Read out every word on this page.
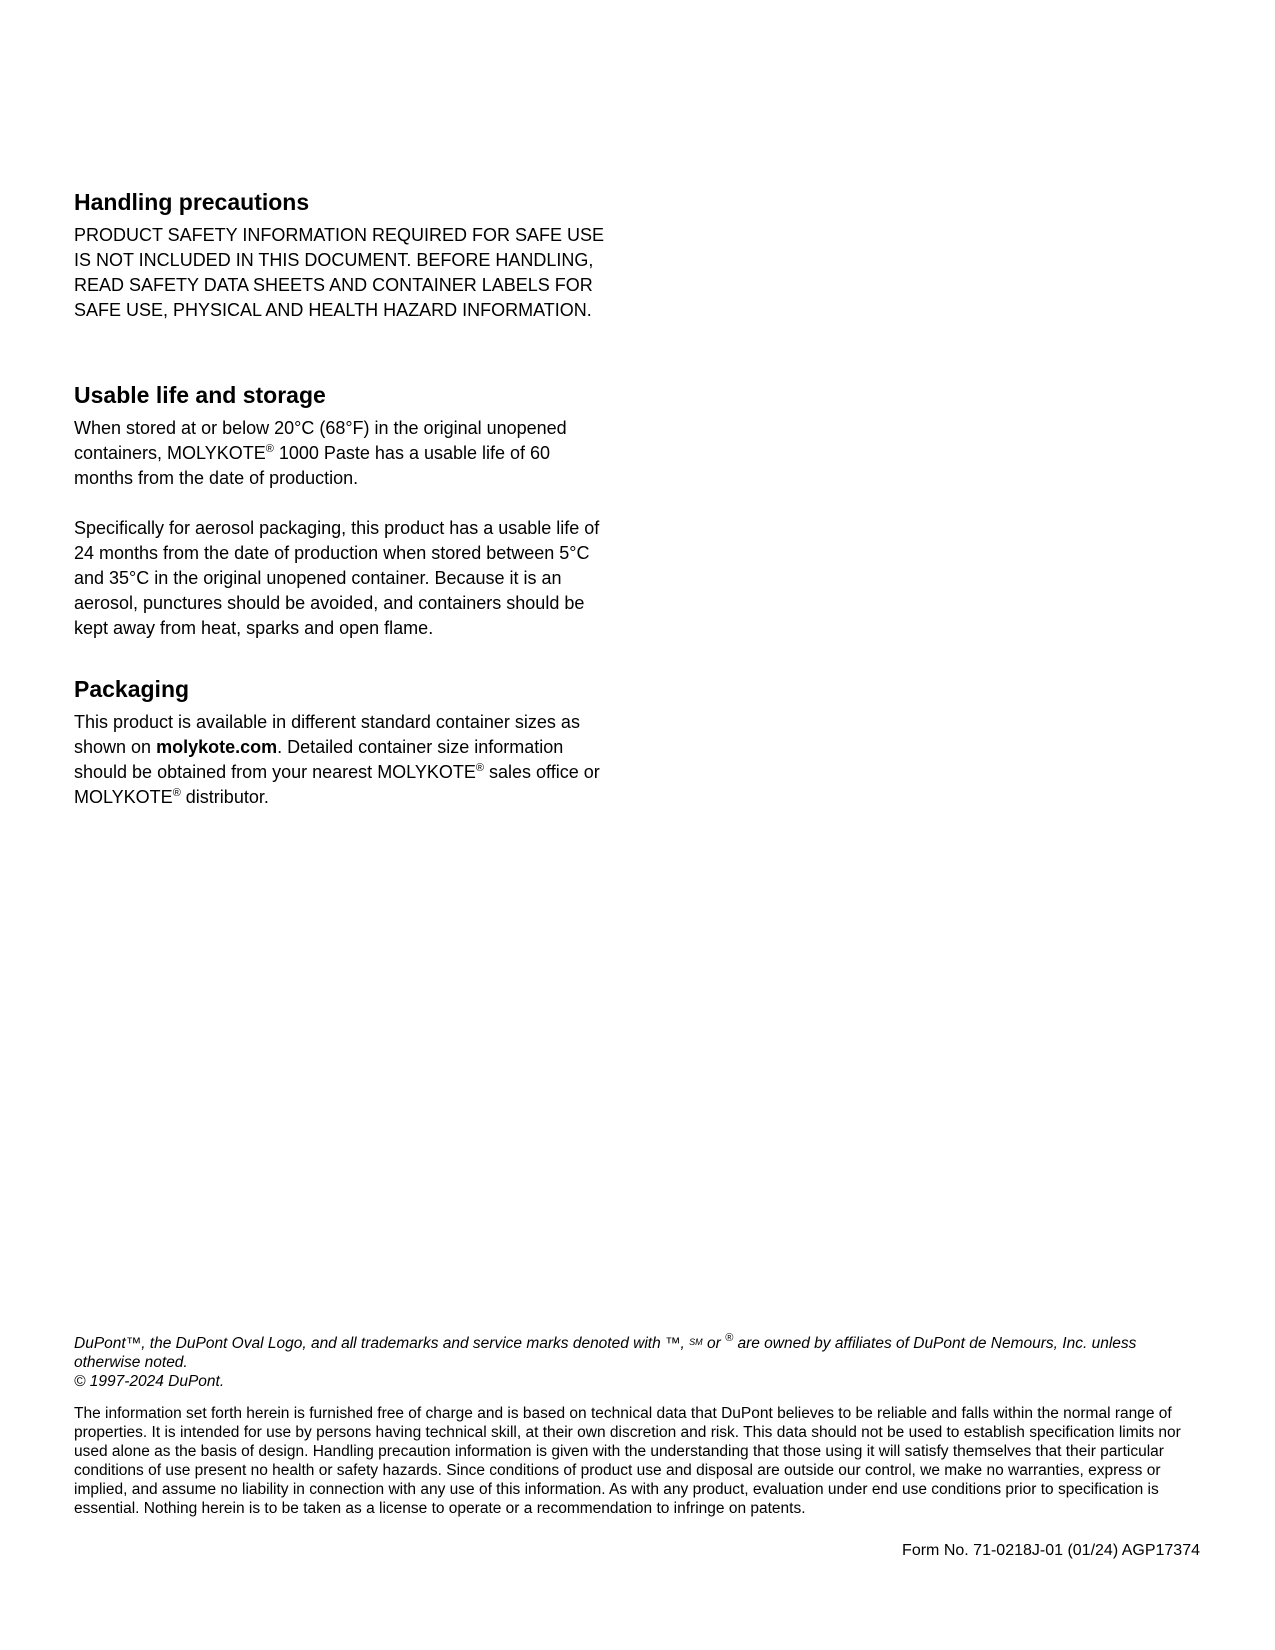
Handling precautions

PRODUCT SAFETY INFORMATION REQUIRED FOR SAFE USE IS NOT INCLUDED IN THIS DOCUMENT. BEFORE HANDLING, READ SAFETY DATA SHEETS AND CONTAINER LABELS FOR SAFE USE, PHYSICAL AND HEALTH HAZARD INFORMATION.

Usable life and storage

When stored at or below 20°C (68°F) in the original unopened containers, MOLYKOTE® 1000 Paste has a usable life of 60 months from the date of production.

Specifically for aerosol packaging, this product has a usable life of 24 months from the date of production when stored between 5°C and 35°C in the original unopened container. Because it is an aerosol, punctures should be avoided, and containers should be kept away from heat, sparks and open flame.

Packaging

This product is available in different standard container sizes as shown on molykote.com. Detailed container size information should be obtained from your nearest MOLYKOTE® sales office or MOLYKOTE® distributor.

DuPont™, the DuPont Oval Logo, and all trademarks and service marks denoted with ™, SM or ® are owned by affiliates of DuPont de Nemours, Inc. unless otherwise noted.
© 1997-2024 DuPont.
The information set forth herein is furnished free of charge and is based on technical data that DuPont believes to be reliable and falls within the normal range of properties. It is intended for use by persons having technical skill, at their own discretion and risk. This data should not be used to establish specification limits nor used alone as the basis of design. Handling precaution information is given with the understanding that those using it will satisfy themselves that their particular conditions of use present no health or safety hazards. Since conditions of product use and disposal are outside our control, we make no warranties, express or implied, and assume no liability in connection with any use of this information. As with any product, evaluation under end use conditions prior to specification is essential. Nothing herein is to be taken as a license to operate or a recommendation to infringe on patents.
Form No. 71-0218J-01 (01/24) AGP17374
